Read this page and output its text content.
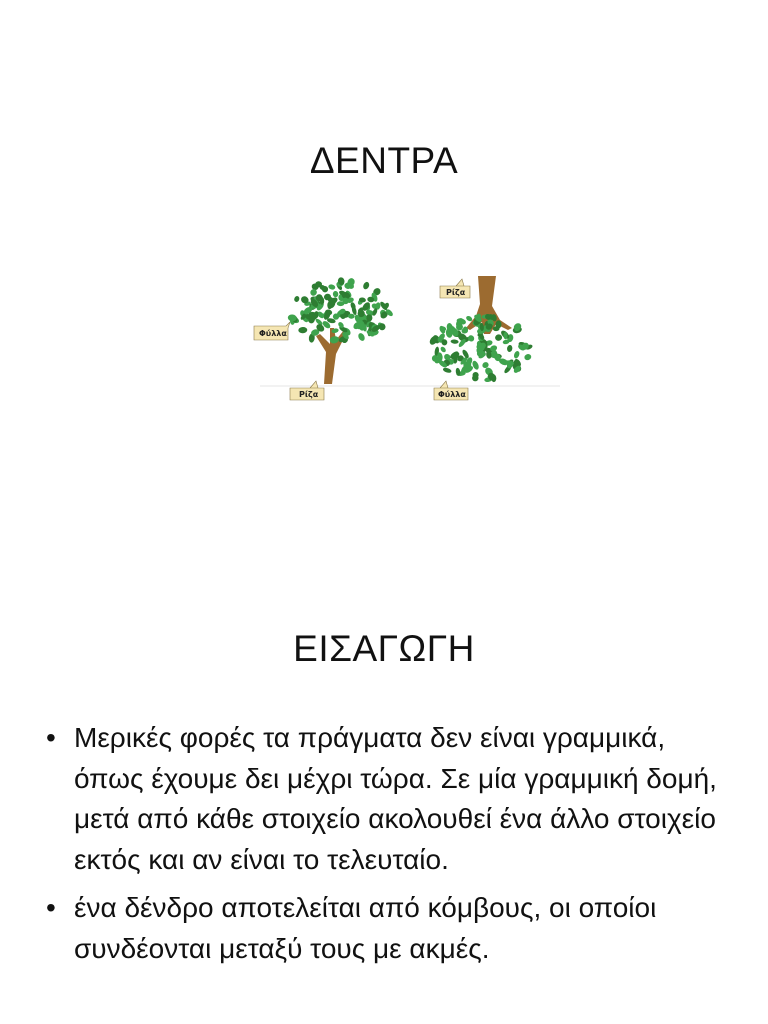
ΔΕΝΤΡΑ
Φύλλα
Ρίζα
Ρίζα
Φύλλα
ΕΙΣΑΓΩΓΗ
• Μερικές φορές τα πράγματα δεν είναι γραμμικά, όπως έχουμε δει μέχρι τώρα. Σε μία γραμμική δομή, μετά από κάθε στοιχείο ακολουθεί ένα άλλο στοιχείο εκτός και αν είναι το τελευταίο.
• ένα δένδρο αποτελείται από κόμβους, οι οποίοι συνδέονται μεταξύ τους με ακμές.
